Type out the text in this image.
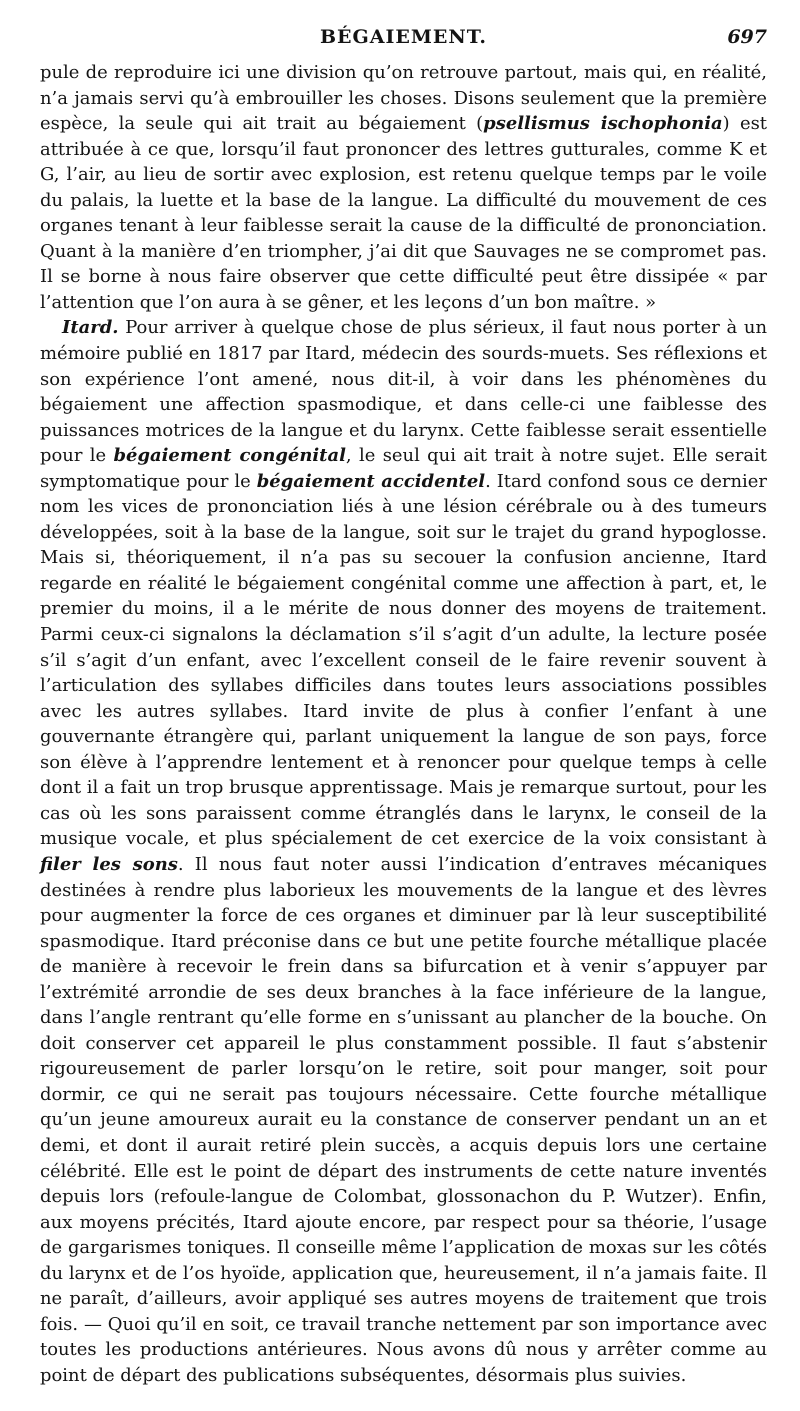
BÉGAIEMENT.	697

pule de reproduire ici une division qu’on retrouve partout, mais qui, en réalité, n’a jamais servi qu’à embrouiller les choses. Disons seulement que la première espèce, la seule qui ait trait au bégaiement (psellismus ischophonia) est attribuée à ce que, lorsqu’il faut prononcer des lettres gutturales, comme K et G, l’air, au lieu de sortir avec explosion, est retenu quelque temps par le voile du palais, la luette et la base de la langue. La difficulté du mouvement de ces organes tenant à leur faiblesse serait la cause de la difficulté de prononciation. Quant à la manière d’en triompher, j’ai dit que Sauvages ne se compromet pas. Il se borne à nous faire observer que cette difficulté peut être dissipée « par l’attention que l’on aura à se gêner, et les leçons d’un bon maître. »

Itard. Pour arriver à quelque chose de plus sérieux, il faut nous porter à un mémoire publié en 1817 par Itard, médecin des sourds-muets. Ses réflexions et son expérience l’ont amené, nous dit-il, à voir dans les phénomènes du bégaiement une affection spasmodique, et dans celle-ci une faiblesse des puissances motrices de la langue et du larynx. Cette faiblesse serait essentielle pour le bégaiement congénital, le seul qui ait trait à notre sujet. Elle serait symptomatique pour le bégaiement accidentel. Itard confond sous ce dernier nom les vices de prononciation liés à une lésion cérébrale ou à des tumeurs développées, soit à la base de la langue, soit sur le trajet du grand hypoglosse. Mais si, théoriquement, il n’a pas su secouer la confusion ancienne, Itard regarde en réalité le bégaiement congénital comme une affection à part, et, le premier du moins, il a le mérite de nous donner des moyens de traitement. Parmi ceux-ci signalons la déclamation s’il s’agit d’un adulte, la lecture posée s’il s’agit d’un enfant, avec l’excellent conseil de le faire revenir souvent à l’articulation des syllabes difficiles dans toutes leurs associations possibles avec les autres syllabes. Itard invite de plus à confier l’enfant à une gouvernante étrangère qui, parlant uniquement la langue de son pays, force son élève à l’apprendre lentement et à renoncer pour quelque temps à celle dont il a fait un trop brusque apprentissage. Mais je remarque surtout, pour les cas où les sons paraissent comme étranglés dans le larynx, le conseil de la musique vocale, et plus spécialement de cet exercice de la voix consistant à filer les sons. Il nous faut noter aussi l’indication d’entraves mécaniques destinées à rendre plus laborieux les mouvements de la langue et des lèvres pour augmenter la force de ces organes et diminuer par là leur susceptibilité spasmodique. Itard préconise dans ce but une petite fourche métallique placée de manière à recevoir le frein dans sa bifurcation et à venir s’appuyer par l’extrémité arrondie de ses deux branches à la face inférieure de la langue, dans l’angle rentrant qu’elle forme en s’unissant au plancher de la bouche. On doit conserver cet appareil le plus constamment possible. Il faut s’abstenir rigoureusement de parler lorsqu’on le retire, soit pour manger, soit pour dormir, ce qui ne serait pas toujours nécessaire. Cette fourche métallique qu’un jeune amoureux aurait eu la constance de conserver pendant un an et demi, et dont il aurait retiré plein succès, a acquis depuis lors une certaine célébrité. Elle est le point de départ des instruments de cette nature inventés depuis lors (refoule-langue de Colombat, glossonachon du P. Wutzer). Enfin, aux moyens précités, Itard ajoute encore, par respect pour sa théorie, l’usage de gargarismes toniques. Il conseille même l’application de moxas sur les côtés du larynx et de l’os hyoïde, application que, heureusement, il n’a jamais faite. Il ne paraît, d’ailleurs, avoir appliqué ses autres moyens de traitement que trois fois. — Quoi qu’il en soit, ce travail tranche nettement par son importance avec toutes les productions antérieures. Nous avons dû nous y arrêter comme au point de départ des publications subséquentes, désormais plus suivies.
